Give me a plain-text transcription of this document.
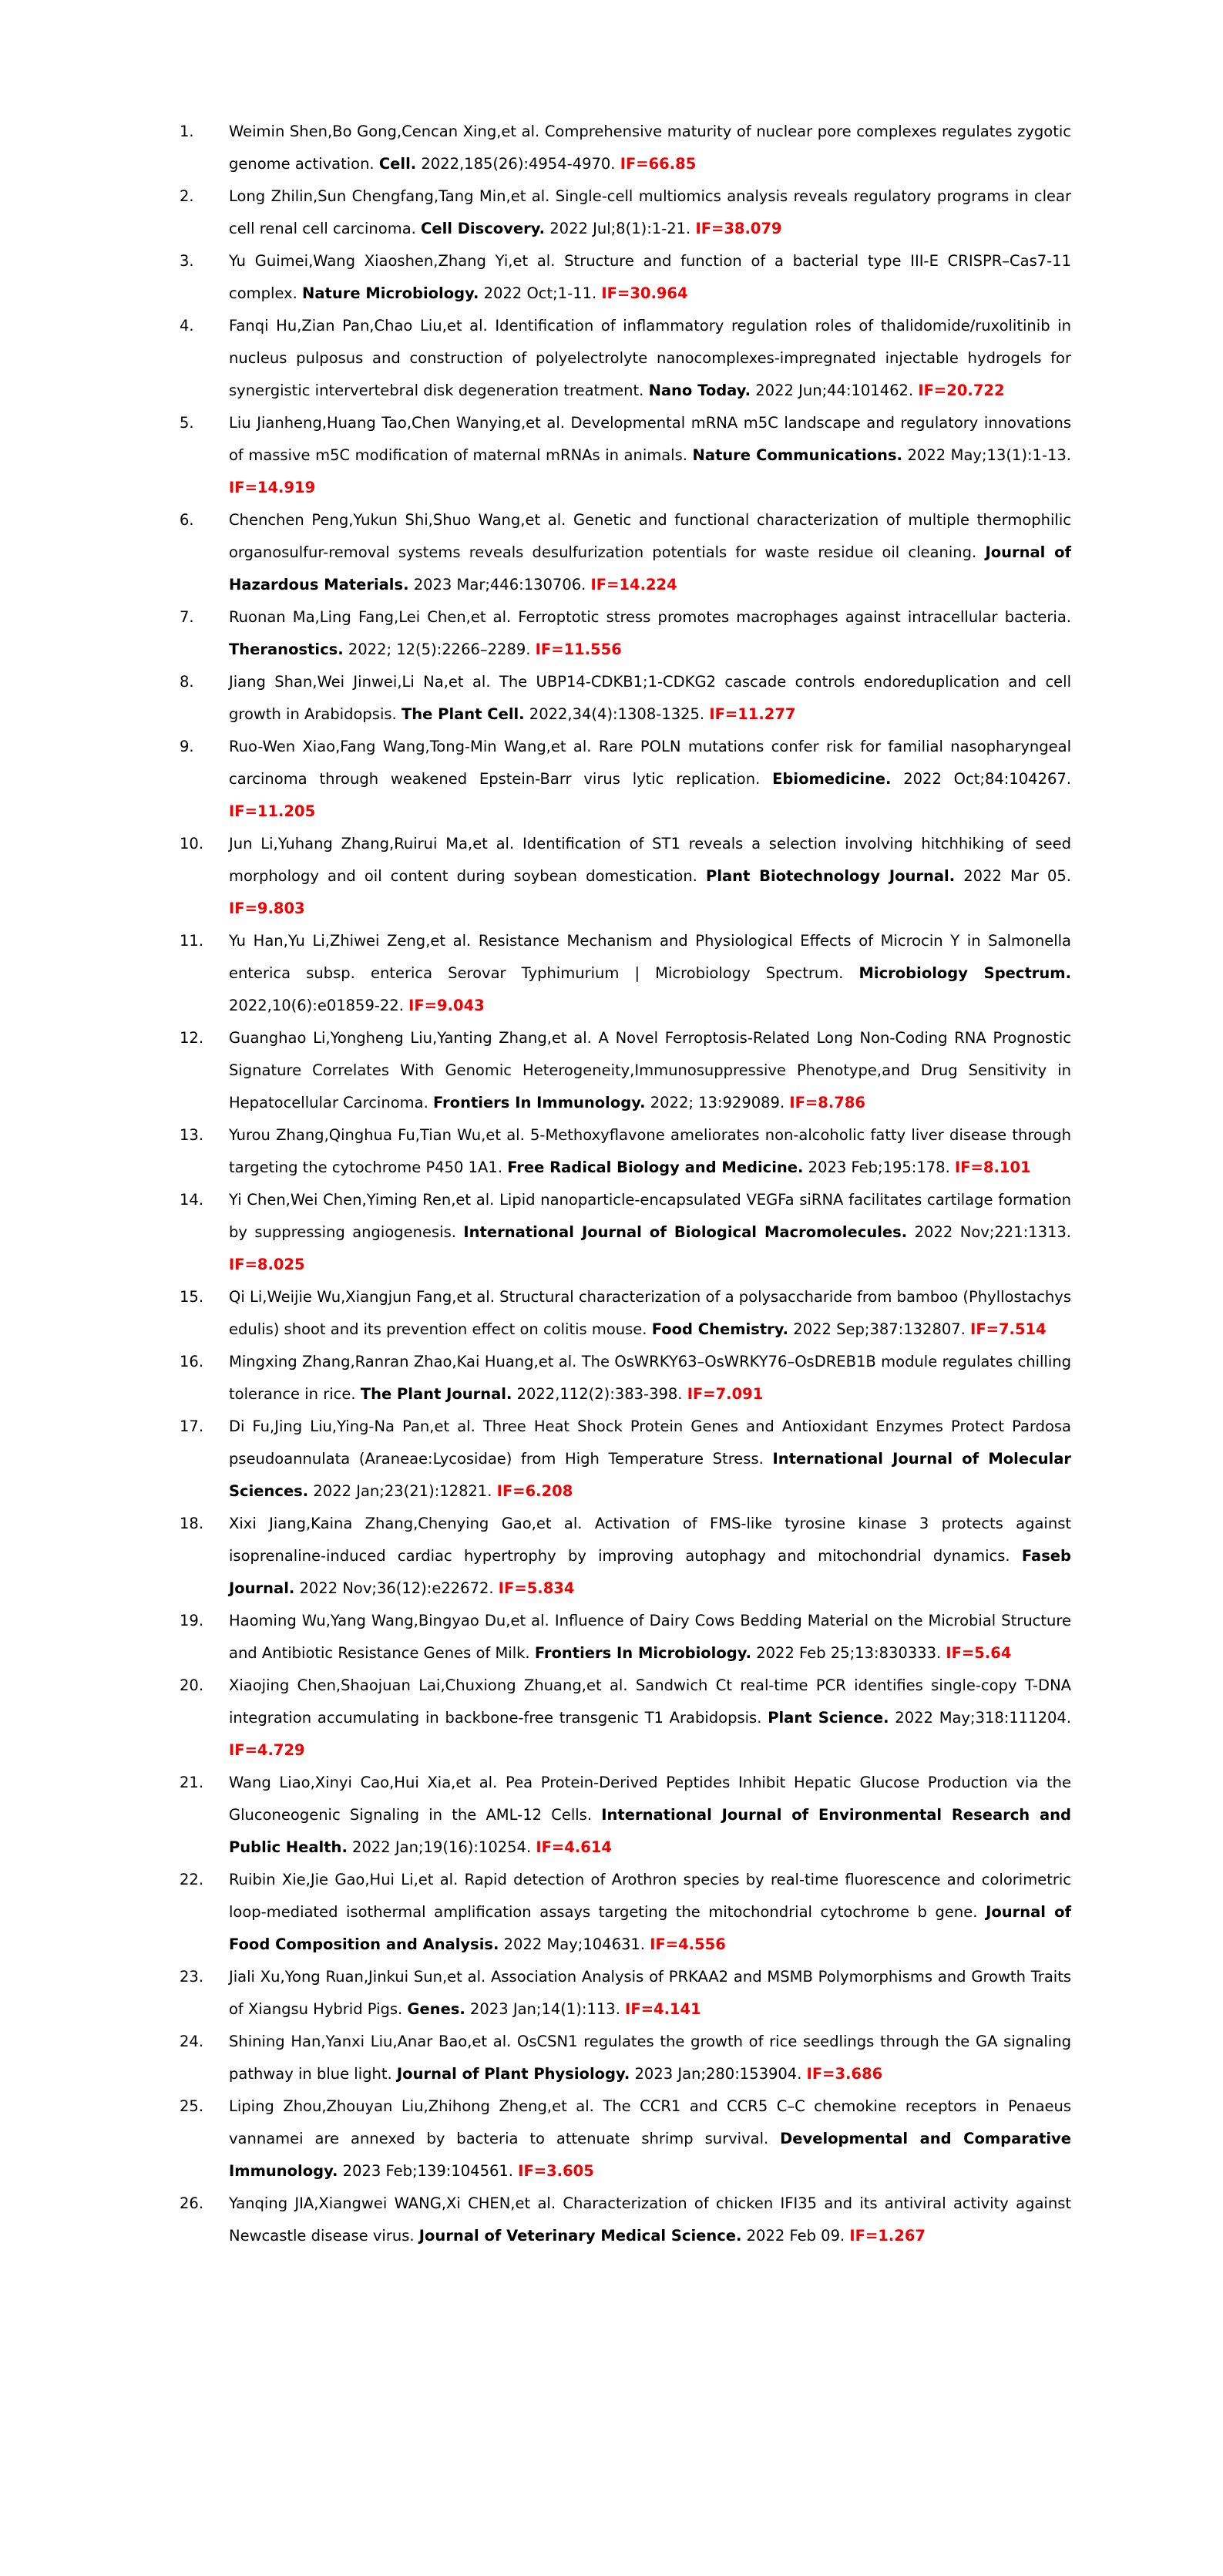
1.	Weimin Shen,Bo Gong,Cencan Xing,et al. Comprehensive maturity of nuclear pore complexes regulates zygotic genome activation. Cell. 2022,185(26):4954-4970. IF=66.85
2.	Long Zhilin,Sun Chengfang,Tang Min,et al. Single-cell multiomics analysis reveals regulatory programs in clear cell renal cell carcinoma. Cell Discovery. 2022 Jul;8(1):1-21. IF=38.079
3.	Yu Guimei,Wang Xiaoshen,Zhang Yi,et al. Structure and function of a bacterial type III-E CRISPR–Cas7-11 complex. Nature Microbiology. 2022 Oct;1-11. IF=30.964
4.	Fanqi Hu,Zian Pan,Chao Liu,et al. Identification of inflammatory regulation roles of thalidomide/ruxolitinib in nucleus pulposus and construction of polyelectrolyte nanocomplexes-impregnated injectable hydrogels for synergistic intervertebral disk degeneration treatment. Nano Today. 2022 Jun;44:101462. IF=20.722
5.	Liu Jianheng,Huang Tao,Chen Wanying,et al. Developmental mRNA m5C landscape and regulatory innovations of massive m5C modification of maternal mRNAs in animals. Nature Communications. 2022 May;13(1):1-13. IF=14.919
6.	Chenchen Peng,Yukun Shi,Shuo Wang,et al. Genetic and functional characterization of multiple thermophilic organosulfur-removal systems reveals desulfurization potentials for waste residue oil cleaning. Journal of Hazardous Materials. 2023 Mar;446:130706. IF=14.224
7.	Ruonan Ma,Ling Fang,Lei Chen,et al. Ferroptotic stress promotes macrophages against intracellular bacteria. Theranostics. 2022; 12(5):2266–2289. IF=11.556
8.	Jiang Shan,Wei Jinwei,Li Na,et al. The UBP14-CDKB1;1-CDKG2 cascade controls endoreduplication and cell growth in Arabidopsis. The Plant Cell. 2022,34(4):1308-1325. IF=11.277
9.	Ruo-Wen Xiao,Fang Wang,Tong-Min Wang,et al. Rare POLN mutations confer risk for familial nasopharyngeal carcinoma through weakened Epstein-Barr virus lytic replication. Ebiomedicine. 2022 Oct;84:104267. IF=11.205
10.	Jun Li,Yuhang Zhang,Ruirui Ma,et al. Identification of ST1 reveals a selection involving hitchhiking of seed morphology and oil content during soybean domestication. Plant Biotechnology Journal. 2022 Mar 05. IF=9.803
11.	Yu Han,Yu Li,Zhiwei Zeng,et al. Resistance Mechanism and Physiological Effects of Microcin Y in Salmonella enterica subsp. enterica Serovar Typhimurium | Microbiology Spectrum. Microbiology Spectrum. 2022,10(6):e01859-22. IF=9.043
12.	Guanghao Li,Yongheng Liu,Yanting Zhang,et al. A Novel Ferroptosis-Related Long Non-Coding RNA Prognostic Signature Correlates With Genomic Heterogeneity,Immunosuppressive Phenotype,and Drug Sensitivity in Hepatocellular Carcinoma. Frontiers In Immunology. 2022; 13:929089. IF=8.786
13.	Yurou Zhang,Qinghua Fu,Tian Wu,et al. 5-Methoxyflavone ameliorates non-alcoholic fatty liver disease through targeting the cytochrome P450 1A1. Free Radical Biology and Medicine. 2023 Feb;195:178. IF=8.101
14.	Yi Chen,Wei Chen,Yiming Ren,et al. Lipid nanoparticle-encapsulated VEGFa siRNA facilitates cartilage formation by suppressing angiogenesis. International Journal of Biological Macromolecules. 2022 Nov;221:1313. IF=8.025
15.	Qi Li,Weijie Wu,Xiangjun Fang,et al. Structural characterization of a polysaccharide from bamboo (Phyllostachys edulis) shoot and its prevention effect on colitis mouse. Food Chemistry. 2022 Sep;387:132807. IF=7.514
16.	Mingxing Zhang,Ranran Zhao,Kai Huang,et al. The OsWRKY63–OsWRKY76–OsDREB1B module regulates chilling tolerance in rice. The Plant Journal. 2022,112(2):383-398. IF=7.091
17.	Di Fu,Jing Liu,Ying-Na Pan,et al. Three Heat Shock Protein Genes and Antioxidant Enzymes Protect Pardosa pseudoannulata (Araneae:Lycosidae) from High Temperature Stress. International Journal of Molecular Sciences. 2022 Jan;23(21):12821. IF=6.208
18.	Xixi Jiang,Kaina Zhang,Chenying Gao,et al. Activation of FMS-like tyrosine kinase 3 protects against isoprenaline-induced cardiac hypertrophy by improving autophagy and mitochondrial dynamics. Faseb Journal. 2022 Nov;36(12):e22672. IF=5.834
19.	Haoming Wu,Yang Wang,Bingyao Du,et al. Influence of Dairy Cows Bedding Material on the Microbial Structure and Antibiotic Resistance Genes of Milk. Frontiers In Microbiology. 2022 Feb 25;13:830333. IF=5.64
20.	Xiaojing Chen,Shaojuan Lai,Chuxiong Zhuang,et al. Sandwich Ct real-time PCR identifies single-copy T-DNA integration accumulating in backbone-free transgenic T1 Arabidopsis. Plant Science. 2022 May;318:111204. IF=4.729
21.	Wang Liao,Xinyi Cao,Hui Xia,et al. Pea Protein-Derived Peptides Inhibit Hepatic Glucose Production via the Gluconeogenic Signaling in the AML-12 Cells. International Journal of Environmental Research and Public Health. 2022 Jan;19(16):10254. IF=4.614
22.	Ruibin Xie,Jie Gao,Hui Li,et al. Rapid detection of Arothron species by real-time fluorescence and colorimetric loop-mediated isothermal amplification assays targeting the mitochondrial cytochrome b gene. Journal of Food Composition and Analysis. 2022 May;104631. IF=4.556
23.	Jiali Xu,Yong Ruan,Jinkui Sun,et al. Association Analysis of PRKAA2 and MSMB Polymorphisms and Growth Traits of Xiangsu Hybrid Pigs. Genes. 2023 Jan;14(1):113. IF=4.141
24.	Shining Han,Yanxi Liu,Anar Bao,et al. OsCSN1 regulates the growth of rice seedlings through the GA signaling pathway in blue light. Journal of Plant Physiology. 2023 Jan;280:153904. IF=3.686
25.	Liping Zhou,Zhouyan Liu,Zhihong Zheng,et al. The CCR1 and CCR5 C–C chemokine receptors in Penaeus vannamei are annexed by bacteria to attenuate shrimp survival. Developmental and Comparative Immunology. 2023 Feb;139:104561. IF=3.605
26.	Yanqing JIA,Xiangwei WANG,Xi CHEN,et al. Characterization of chicken IFI35 and its antiviral activity against Newcastle disease virus. Journal of Veterinary Medical Science. 2022 Feb 09. IF=1.267
